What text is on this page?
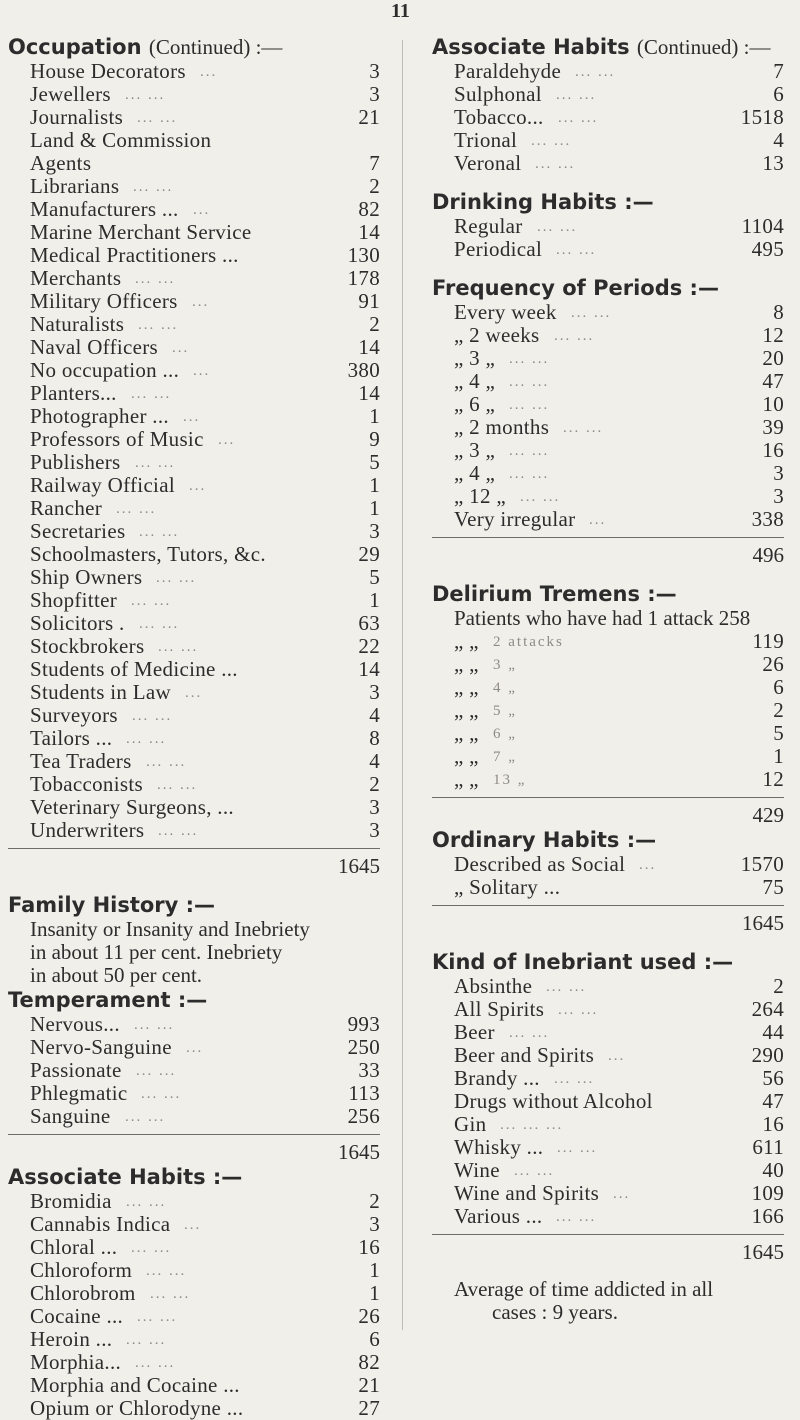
11
Occupation (Continued) :—
House Decorators ...	3
Jewellers ... ...	3
Journalists ... ...	21
Land & Commission
Agents	7
Librarians ... ...	2
Manufacturers ... ...	82
Marine Merchant Service	14
Medical Practitioners ...	130
Merchants ... ...	178
Military Officers ...	91
Naturalists ... ...	2
Naval Officers ...	14
No occupation ... ...	380
Planters... ... ...	14
Photographer ... ...	1
Professors of Music ...	9
Publishers ... ...	5
Railway Official ...	1
Rancher ... ...	1
Secretaries ... ...	3
Schoolmasters, Tutors, &c.	29
Ship Owners ... ...	5
Shopfitter ... ...	1
Solicitors . ... ...	63
Stockbrokers ... ...	22
Students of Medicine ...	14
Students in Law ...	3
Surveyors ... ...	4
Tailors ... ... ...	8
Tea Traders ... ...	4
Tobacconists ... ...	2
Veterinary Surgeons, ...	3
Underwriters ... ...	3
1645
Family History :—
Insanity or Insanity and Inebriety
in about 11 per cent. Inebriety
in about 50 per cent.
Temperament :—
Nervous... ... ...	993
Nervo-Sanguine ...	250
Passionate ... ...	33
Phlegmatic ... ...	113
Sanguine ... ...	256
1645
Associate Habits :—
Bromidia ... ...	2
Cannabis Indica ...	3
Chloral ... ... ...	16
Chloroform ... ...	1
Chlorobrom ... ...	1
Cocaine ... ... ...	26
Heroin ... ... ...	6
Morphia... ... ...	82
Morphia and Cocaine ...	21
Opium or Chlorodyne ...	27
Associate Habits (Continued) :—
Paraldehyde ... ...	7
Sulphonal ... ...	6
Tobacco... ... ...	1518
Trional ... ...	4
Veronal ... ...	13
Drinking Habits :—
Regular ... ...	1104
Periodical ... ...	495
Frequency of Periods :—
Every week ... ...	8
„ 2 weeks ... ...	12
„ 3 „ ... ...	20
„ 4 „ ... ...	47
„ 6 „ ... ...	10
„ 2 months ... ...	39
„ 3 „ ... ...	16
„ 4 „ ... ...	3
„ 12 „ ... ...	3
Very irregular ...	338
496
Delirium Tremens :—
Patients who have had 1 attack 258
„ „ 2 attacks	119
„ „ 3 „	26
„ „ 4 „	6
„ „ 5 „	2
„ „ 6 „	5
„ „ 7 „	1
„ „ 13 „	12
429
Ordinary Habits :—
Described as Social ...	1570
„ Solitary ...	75
1645
Kind of Inebriant used :—
Absinthe ... ...	2
All Spirits ... ...	264
Beer ... ...	44
Beer and Spirits ...	290
Brandy ... ... ...	56
Drugs without Alcohol	47
Gin ... ... ...	16
Whisky ... ... ...	611
Wine ... ...	40
Wine and Spirits ...	109
Various ... ... ...	166
1645
Average of time addicted in all
cases : 9 years.
